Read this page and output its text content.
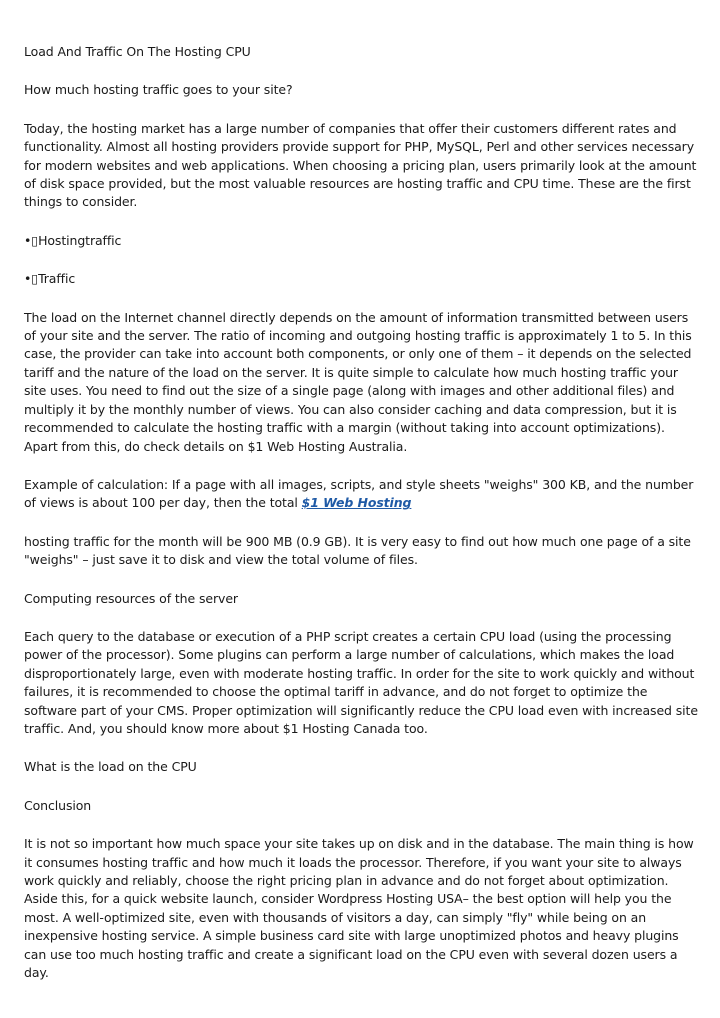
Load And Traffic On The Hosting CPU

How much hosting traffic goes to your site?

Today, the hosting market has a large number of companies that offer their customers different rates and functionality. Almost all hosting providers provide support for PHP, MySQL, Perl and other services necessary for modern websites and web applications. When choosing a pricing plan, users primarily look at the amount of disk space provided, but the most valuable resources are hosting traffic and CPU time. These are the first things to consider.

•▯Hostingtraffic

•▯Traffic

The load on the Internet channel directly depends on the amount of information transmitted between users of your site and the server. The ratio of incoming and outgoing hosting traffic is approximately 1 to 5. In this case, the provider can take into account both components, or only one of them – it depends on the selected tariff and the nature of the load on the server. It is quite simple to calculate how much hosting traffic your site uses. You need to find out the size of a single page (along with images and other additional files) and multiply it by the monthly number of views. You can also consider caching and data compression, but it is recommended to calculate the hosting traffic with a margin (without taking into account optimizations). Apart from this, do check details on $1 Web Hosting Australia.

Example of calculation: If a page with all images, scripts, and style sheets "weighs" 300 KB, and the number of views is about 100 per day, then the total $1 Web Hosting

hosting traffic for the month will be 900 MB (0.9 GB). It is very easy to find out how much one page of a site "weighs" – just save it to disk and view the total volume of files.

Computing resources of the server

Each query to the database or execution of a PHP script creates a certain CPU load (using the processing power of the processor). Some plugins can perform a large number of calculations, which makes the load disproportionately large, even with moderate hosting traffic. In order for the site to work quickly and without failures, it is recommended to choose the optimal tariff in advance, and do not forget to optimize the software part of your CMS. Proper optimization will significantly reduce the CPU load even with increased site traffic. And, you should know more about $1 Hosting Canada too.

What is the load on the CPU

Conclusion

It is not so important how much space your site takes up on disk and in the database. The main thing is how it consumes hosting traffic and how much it loads the processor. Therefore, if you want your site to always work quickly and reliably, choose the right pricing plan in advance and do not forget about optimization. Aside this, for a quick website launch, consider Wordpress Hosting USA– the best option will help you the most. A well-optimized site, even with thousands of visitors a day, can simply "fly" while being on an inexpensive hosting service. A simple business card site with large unoptimized photos and heavy plugins can use too much hosting traffic and create a significant load on the CPU even with several dozen users a day.
